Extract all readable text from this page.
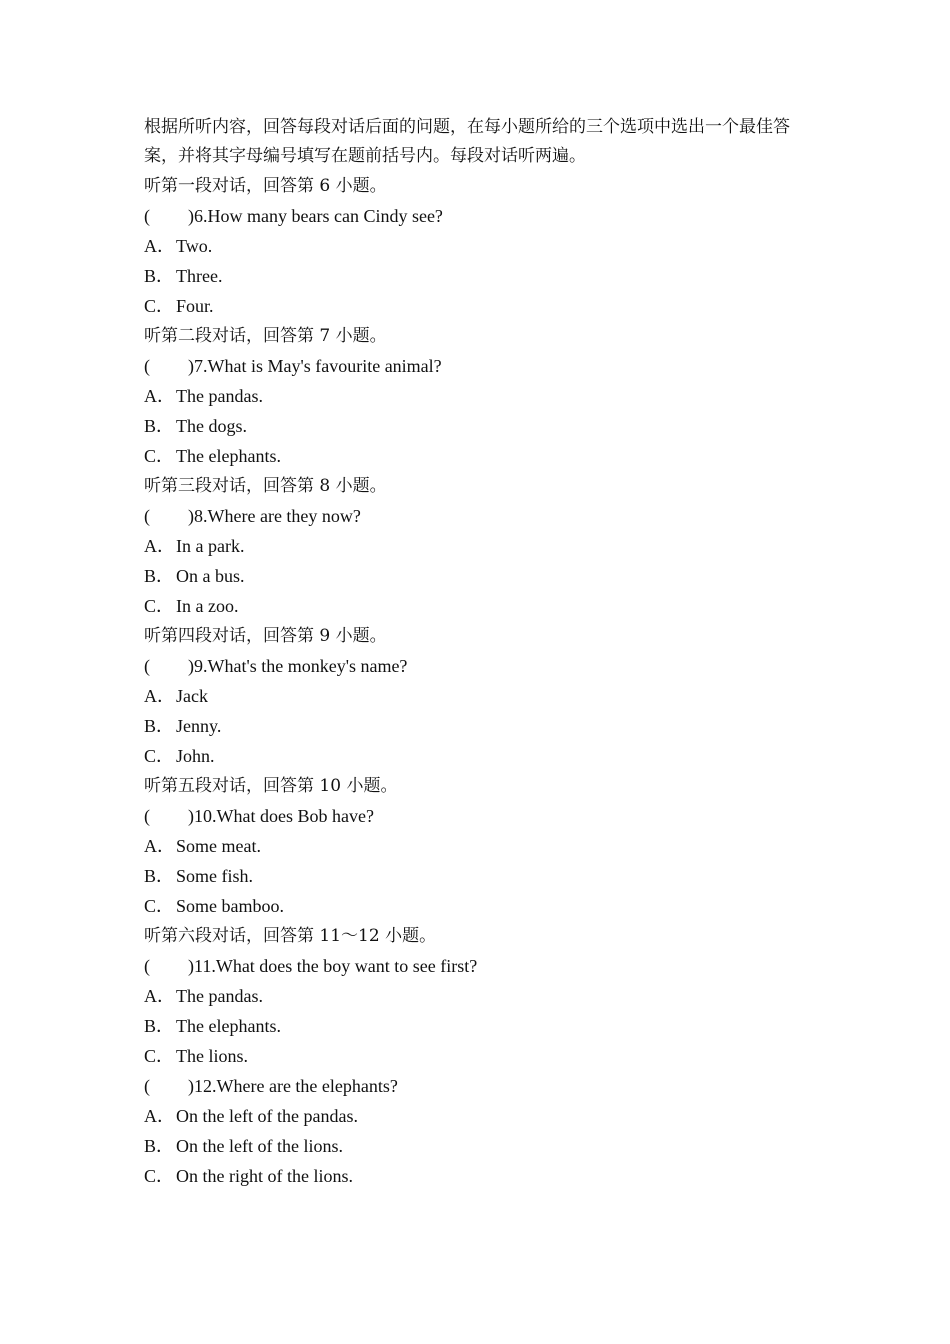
根据所听内容，回答每段对话后面的问题，在每小题所给的三个选项中选出一个最佳答案，并将其字母编号填写在题前括号内。每段对话听两遍。

听第一段对话，回答第 6 小题。
( )6.How many bears can Cindy see?
A．Two.
B． Three.
C． Four.
听第二段对话，回答第 7 小题。
( )7.What is May's favourite animal?
A．The pandas.
B． The dogs.
C． The elephants.
听第三段对话，回答第 8 小题。
( )8.Where are they now?
A．In a park.
B． On a bus.
C． In a zoo.
听第四段对话，回答第 9 小题。
( )9.What's the monkey's name?
A．Jack
B． Jenny.
C． John.
听第五段对话，回答第 10 小题。
( )10.What does Bob have?
A．Some meat.
B． Some fish.
C． Some bamboo.
听第六段对话，回答第 11～12 小题。
( )11.What does the boy want to see first?
A．The pandas.
B． The elephants.
C． The lions.
( )12.Where are the elephants?
A．On the left of the pandas.
B． On the left of the lions.
C． On the right of the lions.
